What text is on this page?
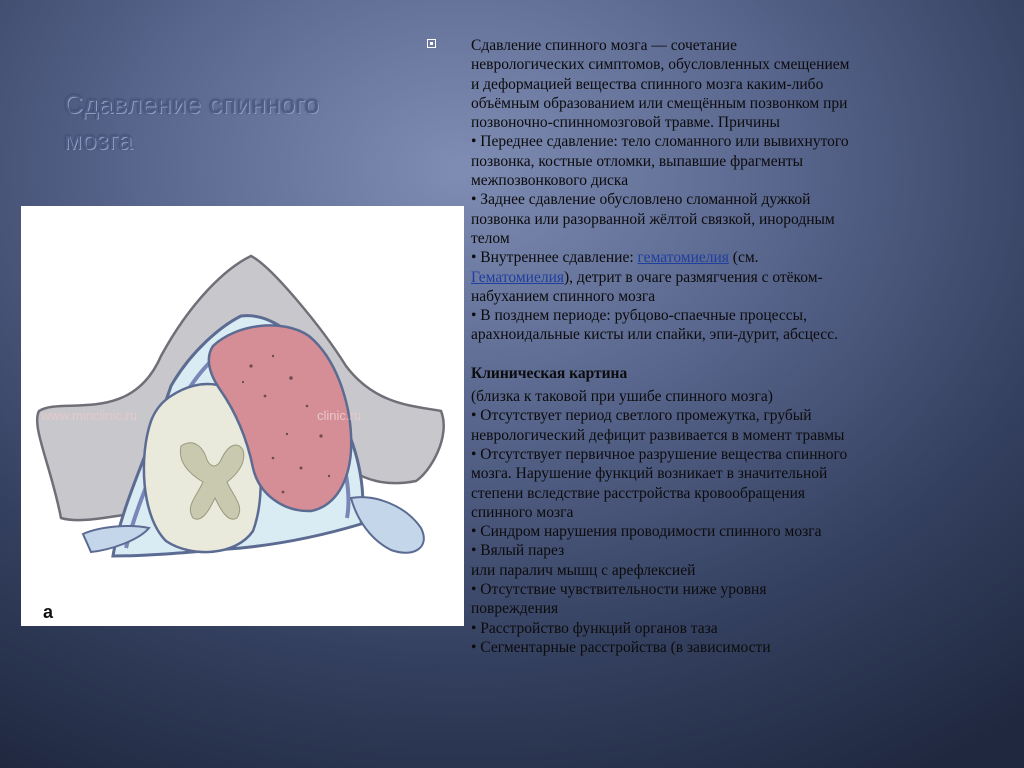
Сдавление спинного мозга
www.minclinic.ru	clinic.ru
а
Сдавление спинного мозга — сочетание
неврологических симптомов, обусловленных смещением
и деформацией вещества спинного мозга каким-либо
объёмным образованием или смещённым позвонком при
позвоночно-спинномозговой травме. Причины
• Переднее сдавление: тело сломанного или вывихнутого
позвонка, костные отломки, выпавшие фрагменты
межпозвонкового диска
• Заднее сдавление обусловлено сломанной дужкой
позвонка или разорванной жёлтой связкой, инородным
телом
• Внутреннее сдавление: гематомиелия (см.
Гематомиелия), детрит в очаге размягчения с отёком-
набуханием спинного мозга
• В позднем периоде: рубцово-спаечные процессы,
арахноидальные кисты или спайки, эпи-дурит, абсцесс.
Клиническая картина
(близка к таковой при ушибе спинного мозга)
• Отсутствует период светлого промежутка, грубый
неврологический дефицит развивается в момент травмы
• Отсутствует первичное разрушение вещества спинного
мозга. Нарушение функций возникает в значительной
степени вследствие расстройства кровообращения
спинного мозга
• Синдром нарушения проводимости спинного мозга
• Вялый парез
или паралич мышц с арефлексией
• Отсутствие чувствительности ниже уровня
повреждения
• Расстройство функций органов таза
• Сегментарные расстройства (в зависимости
